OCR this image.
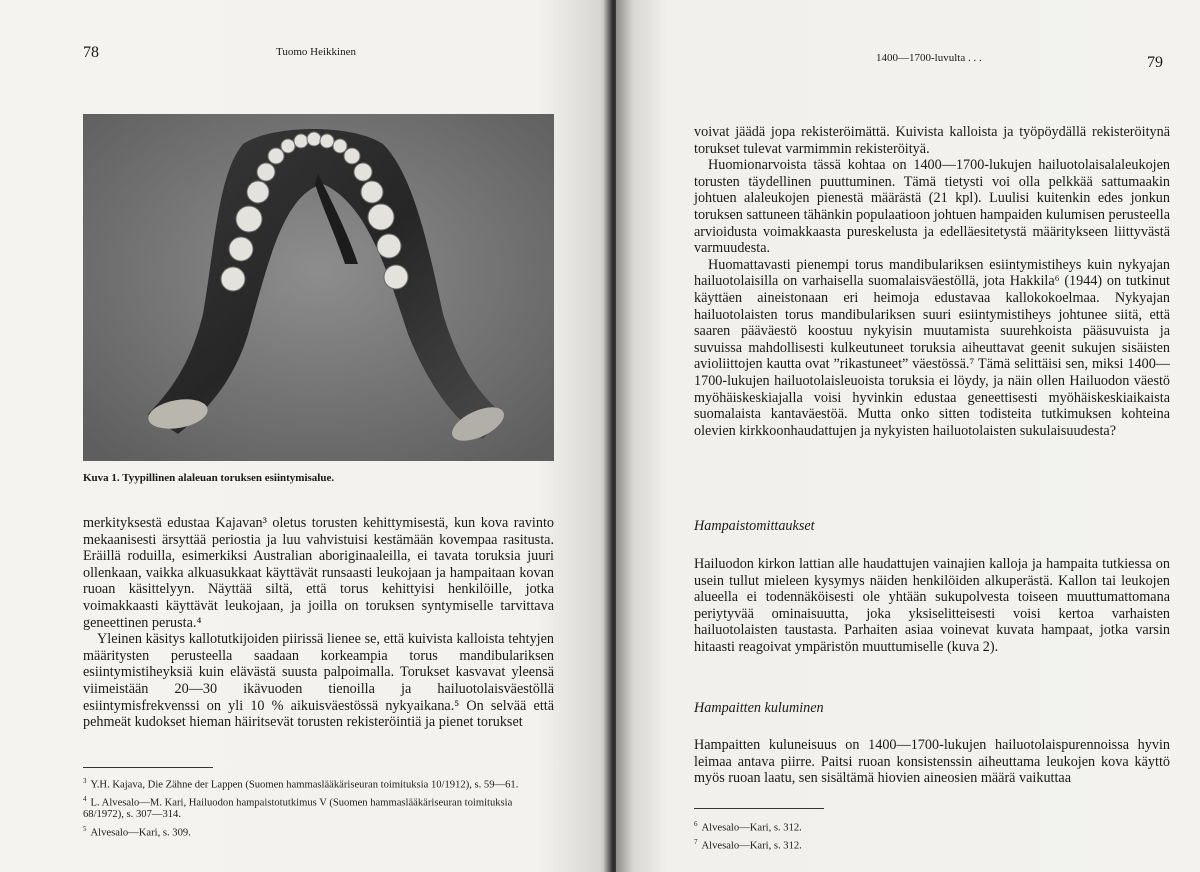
78	Tuomo Heikkinen
Kuva 1. Tyypillinen alaleuan toruksen esiintymisalue.

merkityksestä edustaa Kajavan³ oletus torusten kehittymisestä, kun kova ravinto mekaanisesti ärsyttää periostia ja luu vahvistuisi kestämään kovempaa rasitusta. Eräillä roduilla, esimerkiksi Australian aboriginaaleilla, ei tavata toruksia juuri ollenkaan, vaikka alkuasukkaat käyttävät runsaasti leukojaan ja hampaitaan kovan ruoan käsittelyyn. Näyttää siltä, että torus kehittyisi henkilöille, jotka voimakkaasti käyttävät leukojaan, ja joilla on toruksen syntymiselle tarvittava geneettinen perusta.⁴

Yleinen käsitys kallotutkijoiden piirissä lienee se, että kuivista kalloista tehtyjen määritysten perusteella saadaan korkeampia torus mandibulariksen esiintymistiheyksiä kuin elävästä suusta palpoimalla. Torukset kasvavat yleensä viimeistään 20—30 ikävuoden tienoilla ja hailuotolaisväestöllä esiintymisfrekvenssi on yli 10 % aikuisväestössä nykyaikana.⁵ On selvää että pehmeät kudokset hieman häiritsevät torusten rekisteröintiä ja pienet torukset

$^3$ Y.H. Kajava, Die Zähne der Lappen (Suomen hammaslääkäriseuran toimituksia 10/1912), s. 59—61.
$^4$ L. Alvesalo—M. Kari, Hailuodon hampaistotutkimus V (Suomen hammaslääkäriseuran toimituksia 68/1972), s. 307—314.
$^5$ Alvesalo—Kari, s. 309.
1400—1700-luvulta . . .	79

voivat jäädä jopa rekisteröimättä. Kuivista kalloista ja työpöydällä rekisteröitynä torukset tulevat varmimmin rekisteröityä.

Huomionarvoista tässä kohtaa on 1400—1700-lukujen hailuotolaisalaleukojen torusten täydellinen puuttuminen. Tämä tietysti voi olla pelkkää sattumaakin johtuen alaleukojen pienestä määrästä (21 kpl). Luulisi kuitenkin edes jonkun toruksen sattuneen tähänkin populaatioon johtuen hampaiden kulumisen perusteella arvioidusta voimakkaasta pureskelusta ja edelläesitetystä määritykseen liittyvästä varmuudesta.

Huomattavasti pienempi torus mandibulariksen esiintymistiheys kuin nykyajan hailuotolaisilla on varhaisella suomalaisväestöllä, jota Hakkila⁶ (1944) on tutkinut käyttäen aineistonaan eri heimoja edustavaa kallokokoelmaa. Nykyajan hailuotolaisten torus mandibulariksen suuri esiintymistiheys johtunee siitä, että saaren pääväestö koostuu nykyisin muutamista suurehkoista pääsuvuista ja suvuissa mahdollisesti kulkeutuneet toruksia aiheuttavat geenit sukujen sisäisten avioliittojen kautta ovat ”rikastuneet” väestössä.⁷ Tämä selittäisi sen, miksi 1400—1700-lukujen hailuotolaisleuoista toruksia ei löydy, ja näin ollen Hailuodon väestö myöhäiskeskiajalla voisi hyvinkin edustaa geneettisesti myöhäiskeskiaikaista suomalaista kantaväestöä. Mutta onko sitten todisteita tutkimuksen kohteina olevien kirkkoonhaudattujen ja nykyisten hailuotolaisten sukulaisuudesta?

Hampaistomittaukset

Hailuodon kirkon lattian alle haudattujen vainajien kalloja ja hampaita tutkiessa on usein tullut mieleen kysymys näiden henkilöiden alkuperästä. Kallon tai leukojen alueella ei todennäköisesti ole yhtään sukupolvesta toiseen muuttumattomana periytyvää ominaisuutta, joka yksiselitteisesti voisi kertoa varhaisten hailuotolaisten taustasta. Parhaiten asiaa voinevat kuvata hampaat, jotka varsin hitaasti reagoivat ympäristön muuttumiselle (kuva 2).

Hampaitten kuluminen

Hampaitten kuluneisuus on 1400—1700-lukujen hailuotolaispurennoissa hyvin leimaa antava piirre. Paitsi ruoan konsistenssin aiheuttama leukojen kova käyttö myös ruoan laatu, sen sisältämä hiovien aineosien määrä vaikuttaa

$^6$ Alvesalo—Kari, s. 312.
$^7$ Alvesalo—Kari, s. 312.
